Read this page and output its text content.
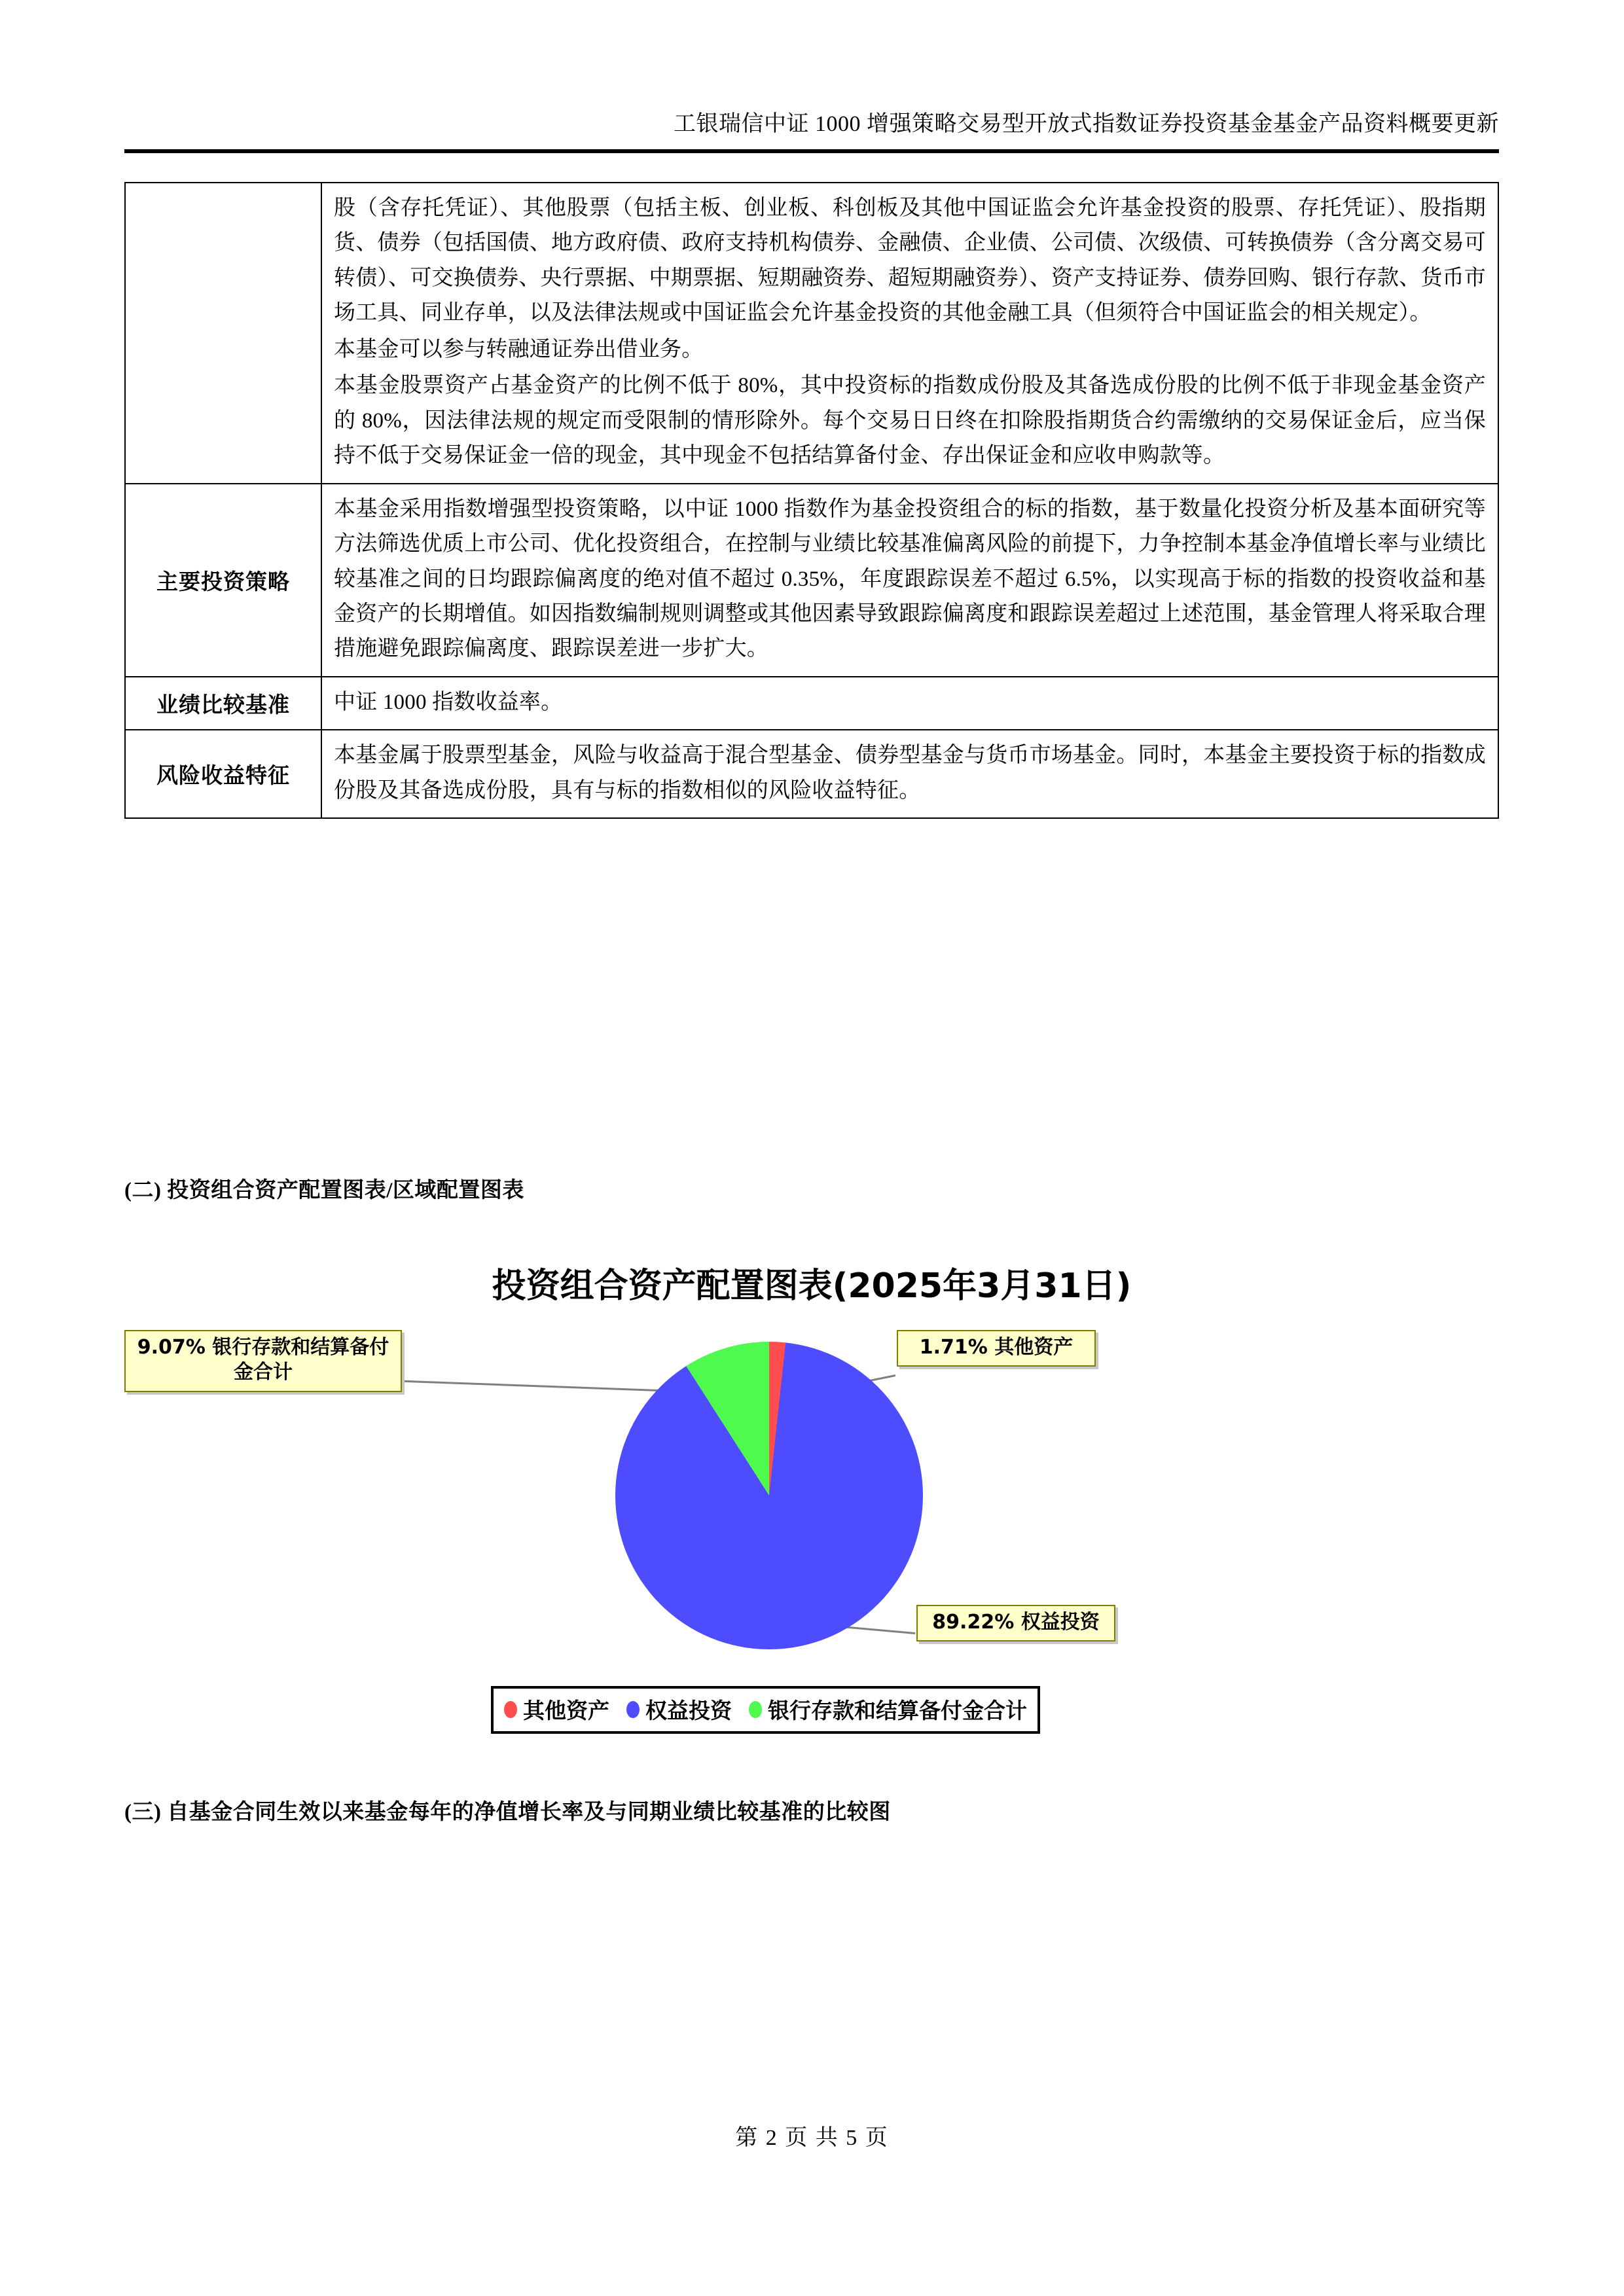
工银瑞信中证 1000 增强策略交易型开放式指数证券投资基金基金产品资料概要更新

	股（含存托凭证）、其他股票（包括主板、创业板、科创板及其他中国证监会允许基金投资的股票、存托凭证）、股指期货、债券（包括国债、地方政府债、政府支持机构债券、金融债、企业债、公司债、次级债、可转换债券（含分离交易可转债）、可交换债券、央行票据、中期票据、短期融资券、超短期融资券）、资产支持证券、债券回购、银行存款、货币市场工具、同业存单，以及法律法规或中国证监会允许基金投资的其他金融工具（但须符合中国证监会的相关规定）。

本基金可以参与转融通证券出借业务。

本基金股票资产占基金资产的比例不低于 80%，其中投资标的指数成份股及其备选成份股的比例不低于非现金基金资产的 80%，因法律法规的规定而受限制的情形除外。每个交易日日终在扣除股指期货合约需缴纳的交易保证金后，应当保持不低于交易保证金一倍的现金，其中现金不包括结算备付金、存出保证金和应收申购款等。

主要投资策略	本基金采用指数增强型投资策略，以中证 1000 指数作为基金投资组合的标的指数，基于数量化投资分析及基本面研究等方法筛选优质上市公司、优化投资组合，在控制与业绩比较基准偏离风险的前提下，力争控制本基金净值增长率与业绩比较基准之间的日均跟踪偏离度的绝对值不超过 0.35%，年度跟踪误差不超过 6.5%，以实现高于标的指数的投资收益和基金资产的长期增值。如因指数编制规则调整或其他因素导致跟踪偏离度和跟踪误差超过上述范围，基金管理人将采取合理措施避免跟踪偏离度、跟踪误差进一步扩大。

业绩比较基准	中证 1000 指数收益率。

风险收益特征	本基金属于股票型基金，风险与收益高于混合型基金、债券型基金与货币市场基金。同时，本基金主要投资于标的指数成份股及其备选成份股，具有与标的指数相似的风险收益特征。

(二) 投资组合资产配置图表/区域配置图表
投资组合资产配置图表(2025年3月31日)
9.07% 银行存款和结算备付金合计
1.71% 其他资产
89.22% 权益投资
其他资产 权益投资 银行存款和结算备付金合计
(三) 自基金合同生效以来基金每年的净值增长率及与同期业绩比较基准的比较图
第 2 页 共 5 页
